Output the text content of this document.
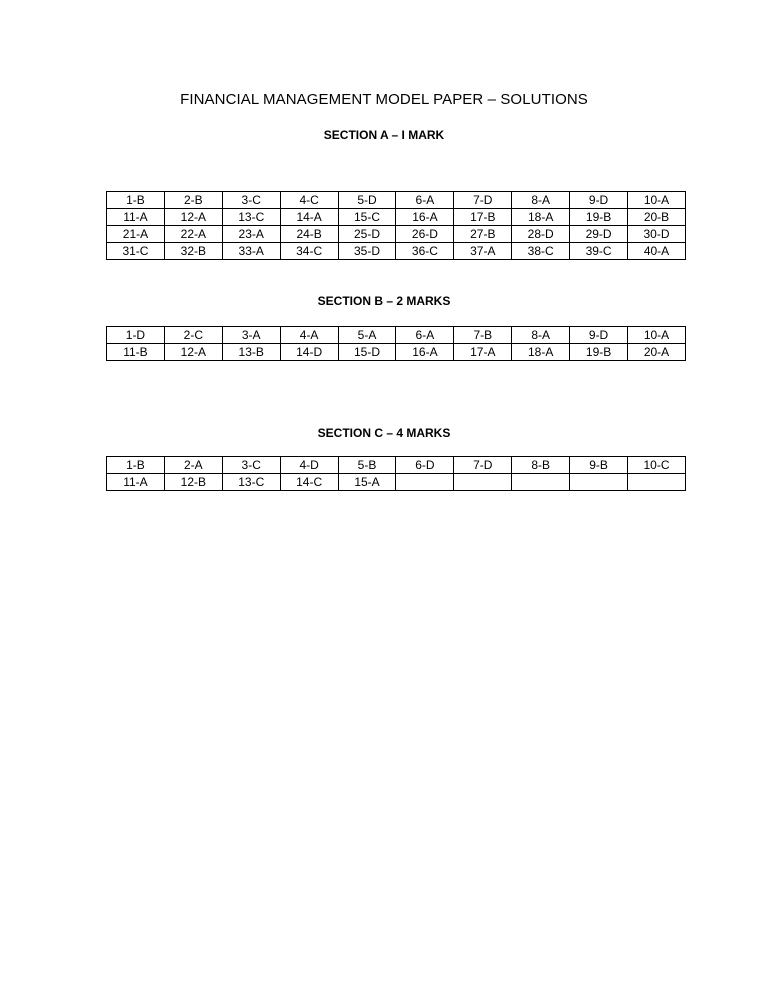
FINANCIAL MANAGEMENT MODEL PAPER – SOLUTIONS
SECTION A – I MARK
1-B	2-B	3-C	4-C	5-D	6-A	7-D	8-A	9-D	10-A
11-A	12-A	13-C	14-A	15-C	16-A	17-B	18-A	19-B	20-B
21-A	22-A	23-A	24-B	25-D	26-D	27-B	28-D	29-D	30-D
31-C	32-B	33-A	34-C	35-D	36-C	37-A	38-C	39-C	40-A
SECTION B – 2 MARKS
1-D	2-C	3-A	4-A	5-A	6-A	7-B	8-A	9-D	10-A
11-B	12-A	13-B	14-D	15-D	16-A	17-A	18-A	19-B	20-A
SECTION C – 4 MARKS
1-B	2-A	3-C	4-D	5-B	6-D	7-D	8-B	9-B	10-C
11-A	12-B	13-C	14-C	15-A					
